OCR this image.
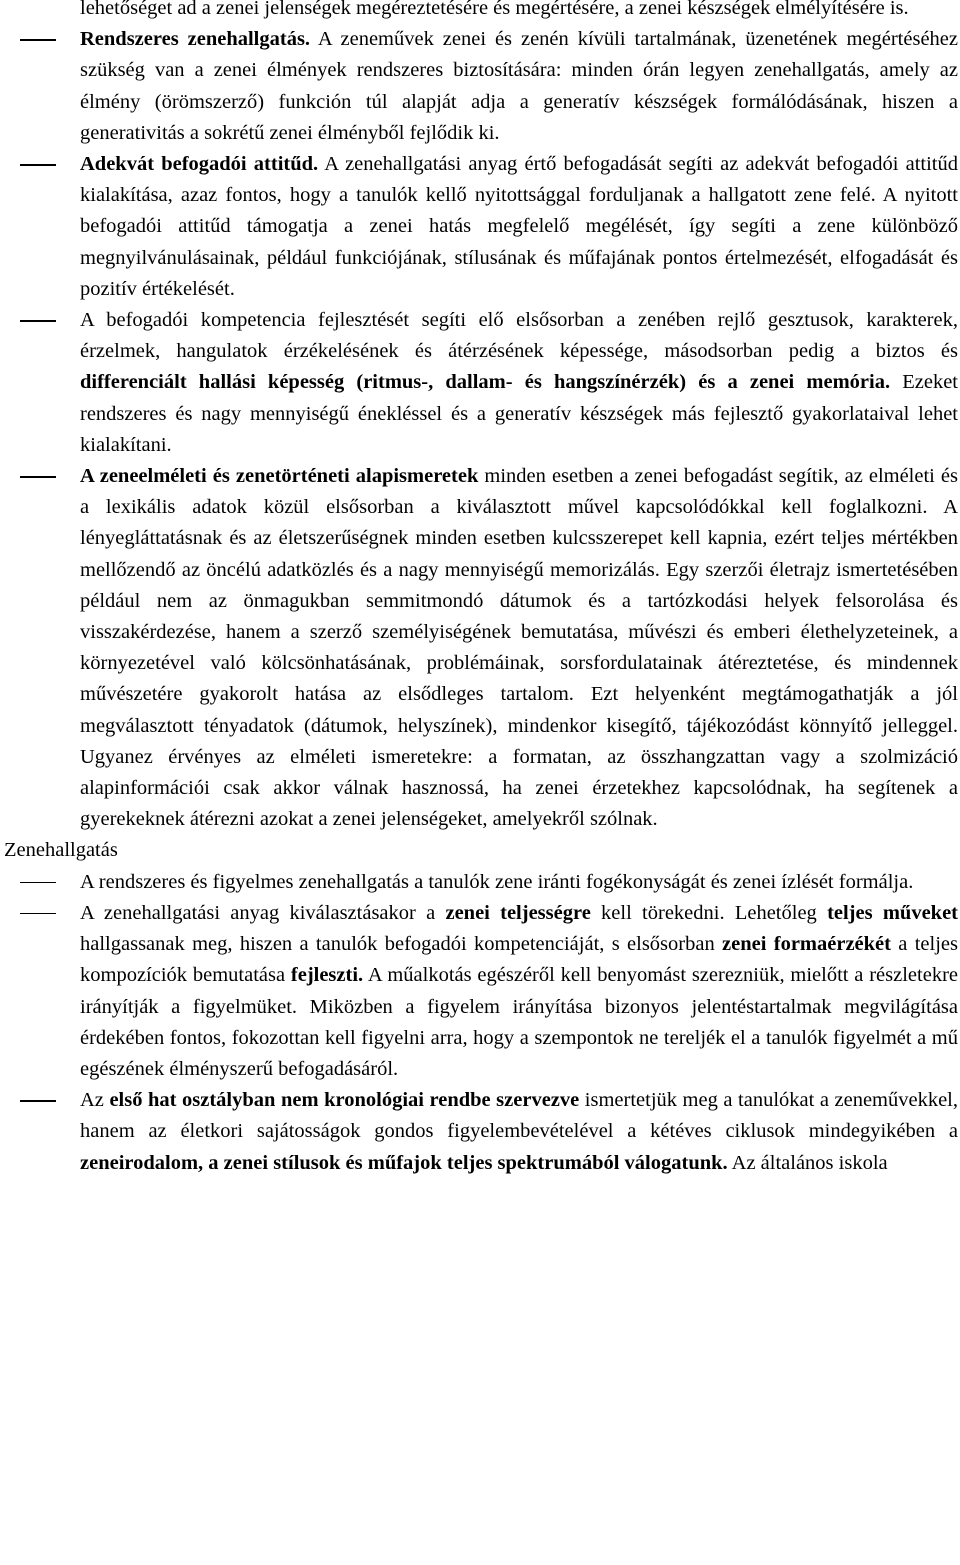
lehetőséget ad a zenei jelenségek megéreztetésére és megértésére, a zenei készségek elmélyítésére is.
Rendszeres zenehallgatás. A zeneművek zenei és zenén kívüli tartalmának, üzenetének megértéséhez szükség van a zenei élmények rendszeres biztosítására: minden órán legyen zenehallgatás, amely az élmény (örömszerző) funkción túl alapját adja a generatív készségek formálódásának, hiszen a generativitás a sokrétű zenei élményből fejlődik ki.
Adekvát befogadói attitűd. A zenehallgatási anyag értő befogadását segíti az adekvát befogadói attitűd kialakítása, azaz fontos, hogy a tanulók kellő nyitottsággal forduljanak a hallgatott zene felé. A nyitott befogadói attitűd támogatja a zenei hatás megfelelő megélését, így segíti a zene különböző megnyilvánulásainak, például funkciójának, stílusának és műfajának pontos értelmezését, elfogadását és pozitív értékelését.
A befogadói kompetencia fejlesztését segíti elő elsősorban a zenében rejlő gesztusok, karakterek, érzelmek, hangulatok érzékelésének és átérzésének képessége, másodsorban pedig a biztos és differenciált hallási képesség (ritmus-, dallam- és hangszínérzék) és a zenei memória. Ezeket rendszeres és nagy mennyiségű énekléssel és a generatív készségek más fejlesztő gyakorlataival lehet kialakítani.
A zeneelméleti és zenetörténeti alapismeretek minden esetben a zenei befogadást segítik, az elméleti és a lexikális adatok közül elsősorban a kiválasztott művel kapcsolódókkal kell foglalkozni. A lényegláttatásnak és az életszerűségnek minden esetben kulcsszerepet kell kapnia, ezért teljes mértékben mellőzendő az öncélú adatközlés és a nagy mennyiségű memorizálás. Egy szerzői életrajz ismertetésében például nem az önmagukban semmitmondó dátumok és a tartózkodási helyek felsorolása és visszakérdezése, hanem a szerző személyiségének bemutatása, művészi és emberi élethelyzeteinek, a környezetével való kölcsönhatásának, problémáinak, sorsfordulatainak átéreztetése, és mindennek művészetére gyakorolt hatása az elsődleges tartalom. Ezt helyenként megtámogathatják a jól megválasztott tényadatok (dátumok, helyszínek), mindenkor kisegítő, tájékozódást könnyítő jelleggel. Ugyanez érvényes az elméleti ismeretekre: a formatan, az összhangzattan vagy a szolmizáció alapinformációi csak akkor válnak hasznossá, ha zenei érzetekhez kapcsolódnak, ha segítenek a gyerekeknek átérezni azokat a zenei jelenségeket, amelyekről szólnak.
Zenehallgatás
A rendszeres és figyelmes zenehallgatás a tanulók zene iránti fogékonyságát és zenei ízlését formálja.
A zenehallgatási anyag kiválasztásakor a zenei teljességre kell törekedni. Lehetőleg teljes műveket hallgassanak meg, hiszen a tanulók befogadói kompetenciáját, s elsősorban zenei formaérzékét a teljes kompozíciók bemutatása fejleszti. A műalkotás egészéről kell benyomást szerezniük, mielőtt a részletekre irányítják a figyelmüket. Miközben a figyelem irányítása bizonyos jelentéstartalmak megvilágítása érdekében fontos, fokozottan kell figyelni arra, hogy a szempontok ne tereljék el a tanulók figyelmét a mű egészének élményszerű befogadásáról.
Az első hat osztályban nem kronológiai rendbe szervezve ismertetjük meg a tanulókat a zeneművekkel, hanem az életkori sajátosságok gondos figyelembevételével a kétéves ciklusok mindegyikében a zeneirodalom, a zenei stílusok és műfajok teljes spektrumából válogatunk. Az általános iskola
